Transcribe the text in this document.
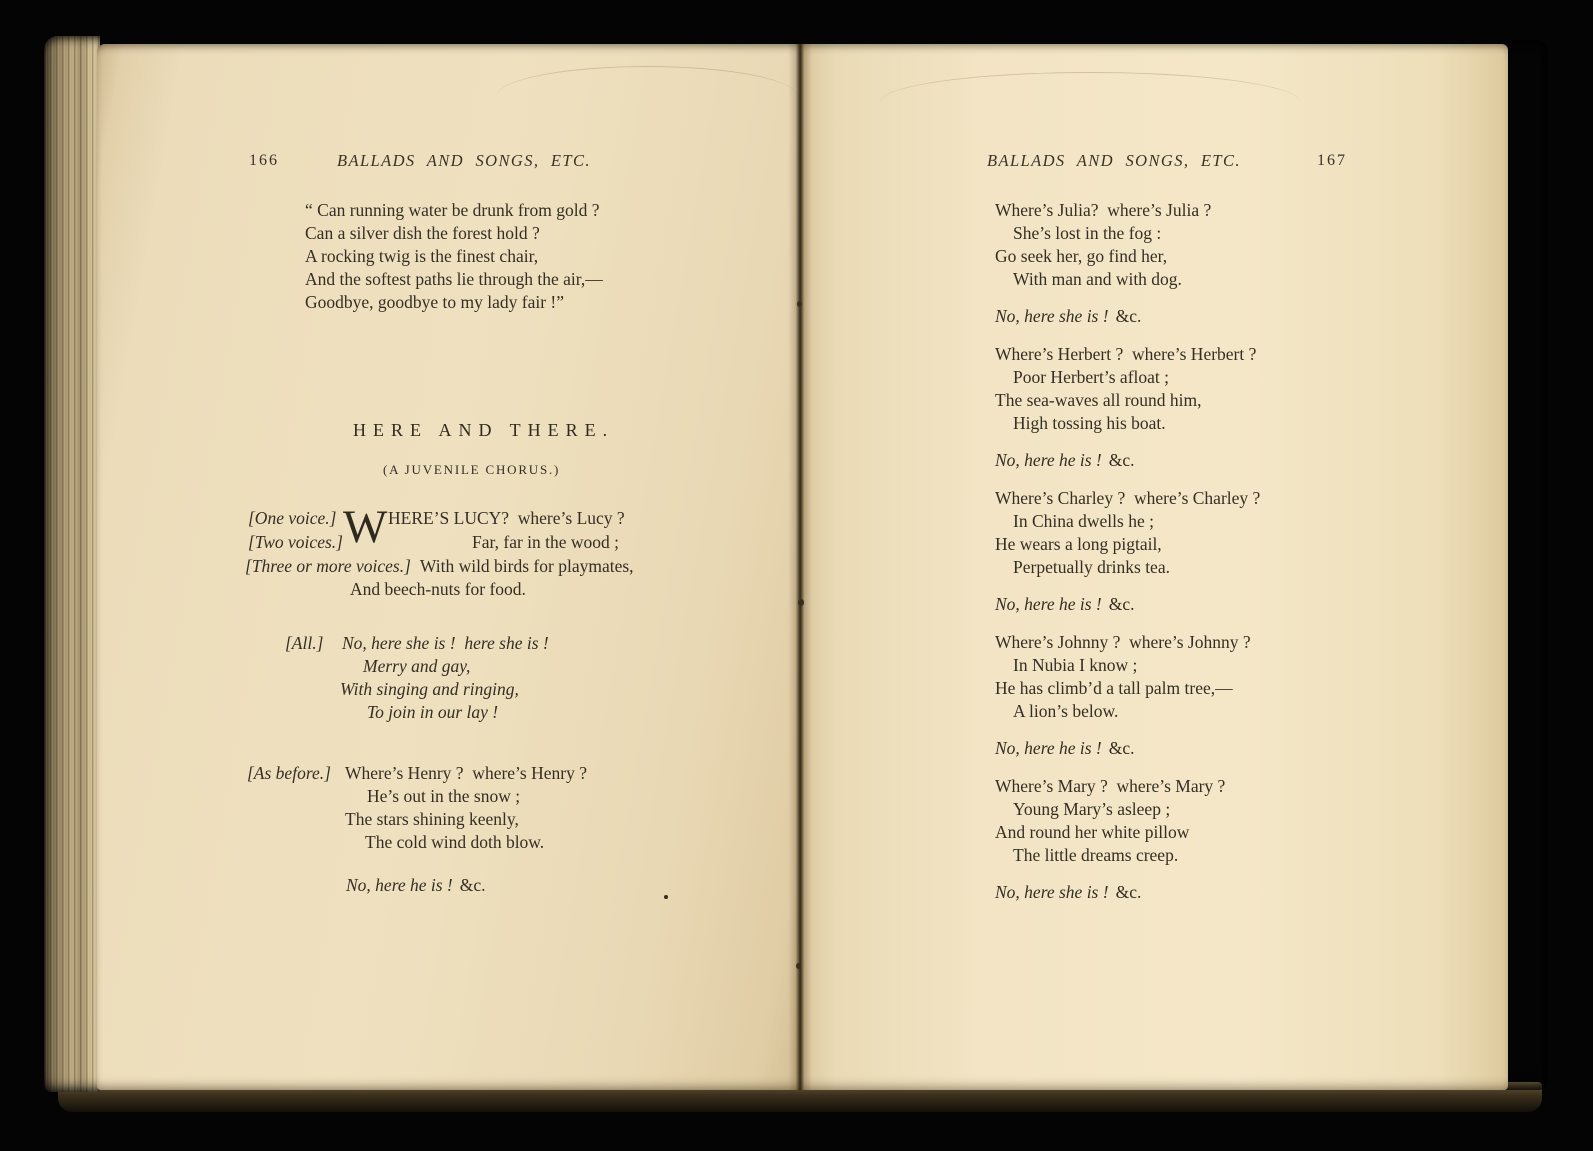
166	BALLADS AND SONGS, ETC.
“ Can running water be drunk from gold ?
Can a silver dish the forest hold ?
A rocking twig is the finest chair,
And the softest paths lie through the air,—
Goodbye, goodbye to my lady fair !”
HERE AND THERE.
(A JUVENILE CHORUS.)
[One voice.]
[Two voices.] W HERE’S LUCY?  where’s Lucy ?
Far, far in the wood ;
[Three or more voices.] With wild birds for playmates,
And beech-nuts for food.
[All.] No, here she is !  here she is !
Merry and gay,
With singing and ringing,
To join in our lay !
[As before.] Where’s Henry ?  where’s Henry ?
He’s out in the snow ;
The stars shining keenly,
The cold wind doth blow.
No, here he is ! &c.
BALLADS AND SONGS, ETC.	167
Where’s Julia?  where’s Julia ?
She’s lost in the fog :
Go seek her, go find her,
With man and with dog.
No, here she is ! &c.
Where’s Herbert ?  where’s Herbert ?
Poor Herbert’s afloat ;
The sea-waves all round him,
High tossing his boat.
No, here he is ! &c.
Where’s Charley ?  where’s Charley ?
In China dwells he ;
He wears a long pigtail,
Perpetually drinks tea.
No, here he is ! &c.
Where’s Johnny ?  where’s Johnny ?
In Nubia I know ;
He has climb’d a tall palm tree,—
A lion’s below.
No, here he is ! &c.
Where’s Mary ?  where’s Mary ?
Young Mary’s asleep ;
And round her white pillow
The little dreams creep.
No, here she is ! &c.
